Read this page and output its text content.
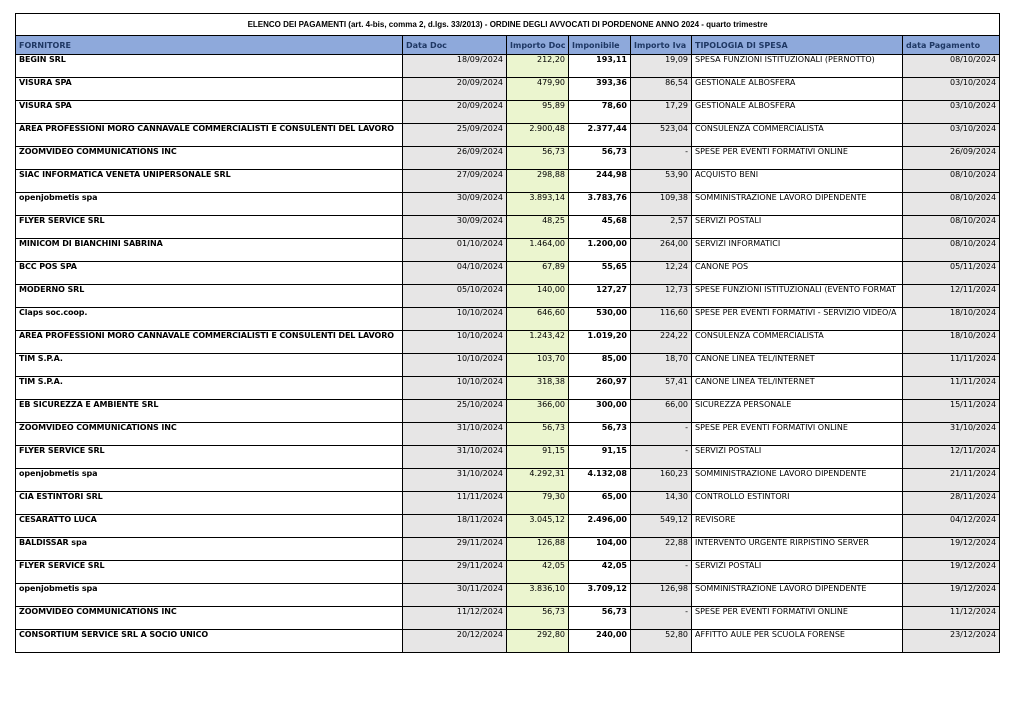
ELENCO DEI PAGAMENTI (art. 4-bis, comma 2, d.lgs. 33/2013) - ORDINE DEGLI AVVOCATI DI PORDENONE ANNO 2024 - quarto trimestre						
FORNITORE	Data Doc	Importo Doc	Imponibile	Importo Iva	TIPOLOGIA DI SPESA	data Pagamento
BEGIN SRL	18/09/2024	212,20	193,11	19,09	SPESA FUNZIONI ISTITUZIONALI (PERNOTTO)	08/10/2024
VISURA SPA	20/09/2024	479,90	393,36	86,54	GESTIONALE ALBOSFERA	03/10/2024
VISURA SPA	20/09/2024	95,89	78,60	17,29	GESTIONALE ALBOSFERA	03/10/2024
AREA PROFESSIONI MORO CANNAVALE COMMERCIALISTI E CONSULENTI DEL LAVORO	25/09/2024	2.900,48	2.377,44	523,04	CONSULENZA COMMERCIALISTA	03/10/2024
ZOOMVIDEO COMMUNICATIONS INC	26/09/2024	56,73	56,73	-	SPESE PER EVENTI FORMATIVI ONLINE	26/09/2024
SIAC INFORMATICA VENETA UNIPERSONALE SRL	27/09/2024	298,88	244,98	53,90	ACQUISTO BENI	08/10/2024
openjobmetis spa	30/09/2024	3.893,14	3.783,76	109,38	SOMMINISTRAZIONE LAVORO DIPENDENTE	08/10/2024
FLYER SERVICE SRL	30/09/2024	48,25	45,68	2,57	SERVIZI POSTALI	08/10/2024
MINICOM DI BIANCHINI SABRINA	01/10/2024	1.464,00	1.200,00	264,00	SERVIZI INFORMATICI	08/10/2024
BCC POS SPA	04/10/2024	67,89	55,65	12,24	CANONE POS	05/11/2024
MODERNO SRL	05/10/2024	140,00	127,27	12,73	SPESE FUNZIONI ISTITUZIONALI (EVENTO FORMAT	12/11/2024
Claps soc.coop.	10/10/2024	646,60	530,00	116,60	SPESE PER EVENTI FORMATIVI - SERVIZIO VIDEO/A	18/10/2024
AREA PROFESSIONI MORO CANNAVALE COMMERCIALISTI E CONSULENTI DEL LAVORO	10/10/2024	1.243,42	1.019,20	224,22	CONSULENZA COMMERCIALISTA	18/10/2024
TIM S.P.A.	10/10/2024	103,70	85,00	18,70	CANONE LINEA TEL/INTERNET	11/11/2024
TIM S.P.A.	10/10/2024	318,38	260,97	57,41	CANONE LINEA TEL/INTERNET	11/11/2024
EB SICUREZZA E AMBIENTE SRL	25/10/2024	366,00	300,00	66,00	SICUREZZA PERSONALE	15/11/2024
ZOOMVIDEO COMMUNICATIONS INC	31/10/2024	56,73	56,73	-	SPESE PER EVENTI FORMATIVI ONLINE	31/10/2024
FLYER SERVICE SRL	31/10/2024	91,15	91,15	-	SERVIZI POSTALI	12/11/2024
openjobmetis spa	31/10/2024	4.292,31	4.132,08	160,23	SOMMINISTRAZIONE LAVORO DIPENDENTE	21/11/2024
CIA ESTINTORI SRL	11/11/2024	79,30	65,00	14,30	CONTROLLO ESTINTORI	28/11/2024
CESARATTO LUCA	18/11/2024	3.045,12	2.496,00	549,12	REVISORE	04/12/2024
BALDISSAR spa	29/11/2024	126,88	104,00	22,88	INTERVENTO URGENTE RIRPISTINO SERVER	19/12/2024
FLYER SERVICE SRL	29/11/2024	42,05	42,05	-	SERVIZI POSTALI	19/12/2024
openjobmetis spa	30/11/2024	3.836,10	3.709,12	126,98	SOMMINISTRAZIONE LAVORO DIPENDENTE	19/12/2024
ZOOMVIDEO COMMUNICATIONS INC	11/12/2024	56,73	56,73	-	SPESE PER EVENTI FORMATIVI ONLINE	11/12/2024
CONSORTIUM SERVICE SRL A SOCIO UNICO	20/12/2024	292,80	240,00	52,80	AFFITTO AULE PER SCUOLA FORENSE	23/12/2024
